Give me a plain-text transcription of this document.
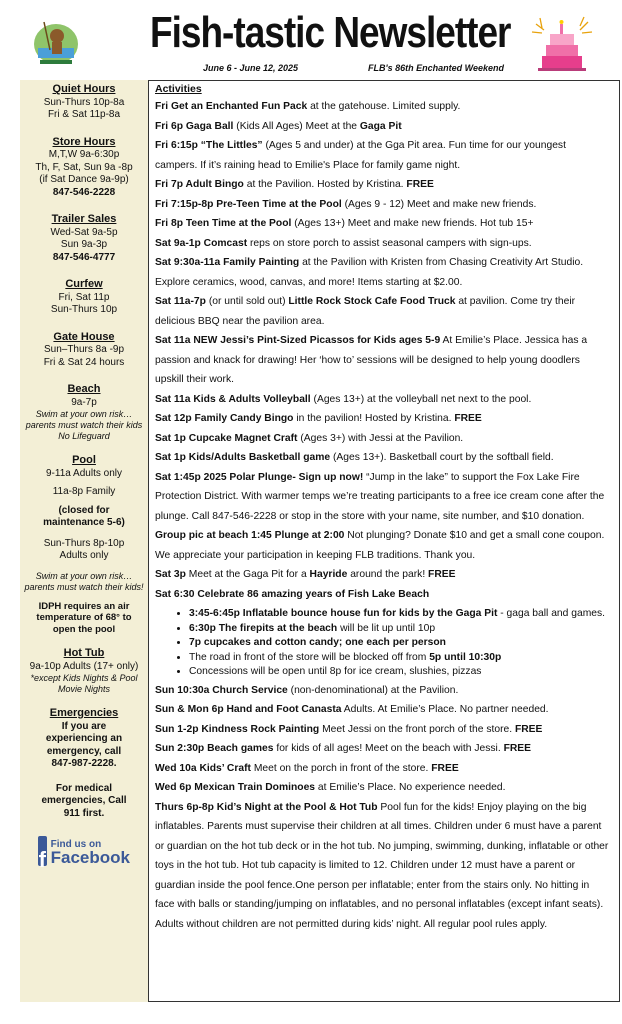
Fish-tastic Newsletter
June 6 - June 12, 2025	FLB's 86th Enchanted Weekend
Quiet Hours
Sun-Thurs 10p-8a
Fri & Sat 11p-8a
Store Hours
M,T,W 9a-6:30p
Th, F, Sat, Sun 9a -8p
(if Sat Dance 9a-9p)
847-546-2228
Trailer Sales
Wed-Sat 9a-5p
Sun 9a-3p
847-546-4777
Curfew
Fri, Sat 11p
Sun-Thurs 10p
Gate House
Sun–Thurs 8a -9p
Fri & Sat 24 hours
Beach
9a-7p
Swim at your own risk… parents must watch their kids
No Lifeguard
Pool
9-11a Adults only
11a-8p Family
(closed for maintenance 5-6)
Sun-Thurs 8p-10p
Adults only
Swim at your own risk… parents must watch their kids!
IDPH requires an air temperature of 68° to open the pool
Hot Tub
9a-10p Adults (17+ only)
*except Kids Nights & Pool Movie Nights
Emergencies
If you are experiencing an emergency, call
847-987-2228.
For medical emergencies, Call 911 first.
f
Find us on
Facebook
Activities

Fri Get an Enchanted Fun Pack at the gatehouse. Limited supply.

Fri 6p Gaga Ball (Kids All Ages) Meet at the Gaga Pit

Fri 6:15p “The Littles” (Ages 5 and under) at the Gga Pit area. Fun time for our youngest campers. If it’s raining head to Emilie's Place for family game night.

Fri 7p Adult Bingo at the Pavilion. Hosted by Kristina. FREE

Fri 7:15p-8p Pre-Teen Time at the Pool (Ages 9 - 12) Meet and make new friends.

Fri 8p Teen Time at the Pool (Ages 13+) Meet and make new friends. Hot tub 15+

Sat 9a-1p Comcast reps on store porch to assist seasonal campers with sign-ups.

Sat 9:30a-11a Family Painting at the Pavilion with Kristen from Chasing Creativity Art Studio. Explore ceramics, wood, canvas, and more! Items starting at $2.00.

Sat 11a-7p (or until sold out) Little Rock Stock Cafe Food Truck at pavilion. Come try their delicious BBQ near the pavilion area.

Sat 11a NEW Jessi’s Pint-Sized Picassos for Kids ages 5-9 At Emilie’s Place. Jessica has a passion and knack for drawing! Her ‘how to’ sessions will be designed to help young doodlers upskill their work.

Sat 11a Kids & Adults Volleyball (Ages 13+) at the volleyball net next to the pool.

Sat 12p Family Candy Bingo in the pavilion! Hosted by Kristina. FREE

Sat 1p Cupcake Magnet Craft (Ages 3+) with Jessi at the Pavilion.

Sat 1p Kids/Adults Basketball game (Ages 13+). Basketball court by the softball field.

Sat 1:45p 2025 Polar Plunge- Sign up now! “Jump in the lake” to support the Fox Lake Fire Protection District. With warmer temps we’re treating participants to a free ice cream cone after the plunge. Call 847-546-2228 or stop in the store with your name, site number, and $10 donation. Group pic at beach 1:45 Plunge at 2:00 Not plunging? Donate $10 and get a small cone coupon. We appreciate your participation in keeping FLB traditions. Thank you.

Sat 3p Meet at the Gaga Pit for a Hayride around the park! FREE

Sat 6:30 Celebrate 86 amazing years of Fish Lake Beach

• 3:45-6:45p Inflatable bounce house fun for kids by the Gaga Pit - gaga ball and games.
• 6:30p The firepits at the beach will be lit up until 10p
• 7p cupcakes and cotton candy; one each per person
• The road in front of the store will be blocked off from 5p until 10:30p
• Concessions will be open until 8p for ice cream, slushies, pizzas

Sun 10:30a Church Service (non-denominational) at the Pavilion.

Sun & Mon 6p Hand and Foot Canasta Adults. At Emilie’s Place. No partner needed.

Sun 1-2p Kindness Rock Painting Meet Jessi on the front porch of the store. FREE

Sun 2:30p Beach games for kids of all ages! Meet on the beach with Jessi. FREE

Wed 10a Kids’ Craft Meet on the porch in front of the store. FREE

Wed 6p Mexican Train Dominoes at Emilie’s Place. No experience needed.

Thurs 6p-8p Kid’s Night at the Pool & Hot Tub Pool fun for the kids! Enjoy playing on the big inflatables. Parents must supervise their children at all times. Children under 6 must have a parent or guardian on the hot tub deck or in the hot tub. No jumping, swimming, dunking, inflatable or other toys in the hot tub. Hot tub capacity is limited to 12. Children under 12 must have a parent or guardian inside the pool fence.One person per inflatable; enter from the stairs only. No hitting in face with balls or standing/jumping on inflatables, and no personal inflatables (except infant seats).

Adults without children are not permitted during kids’ night. All regular pool rules apply.
